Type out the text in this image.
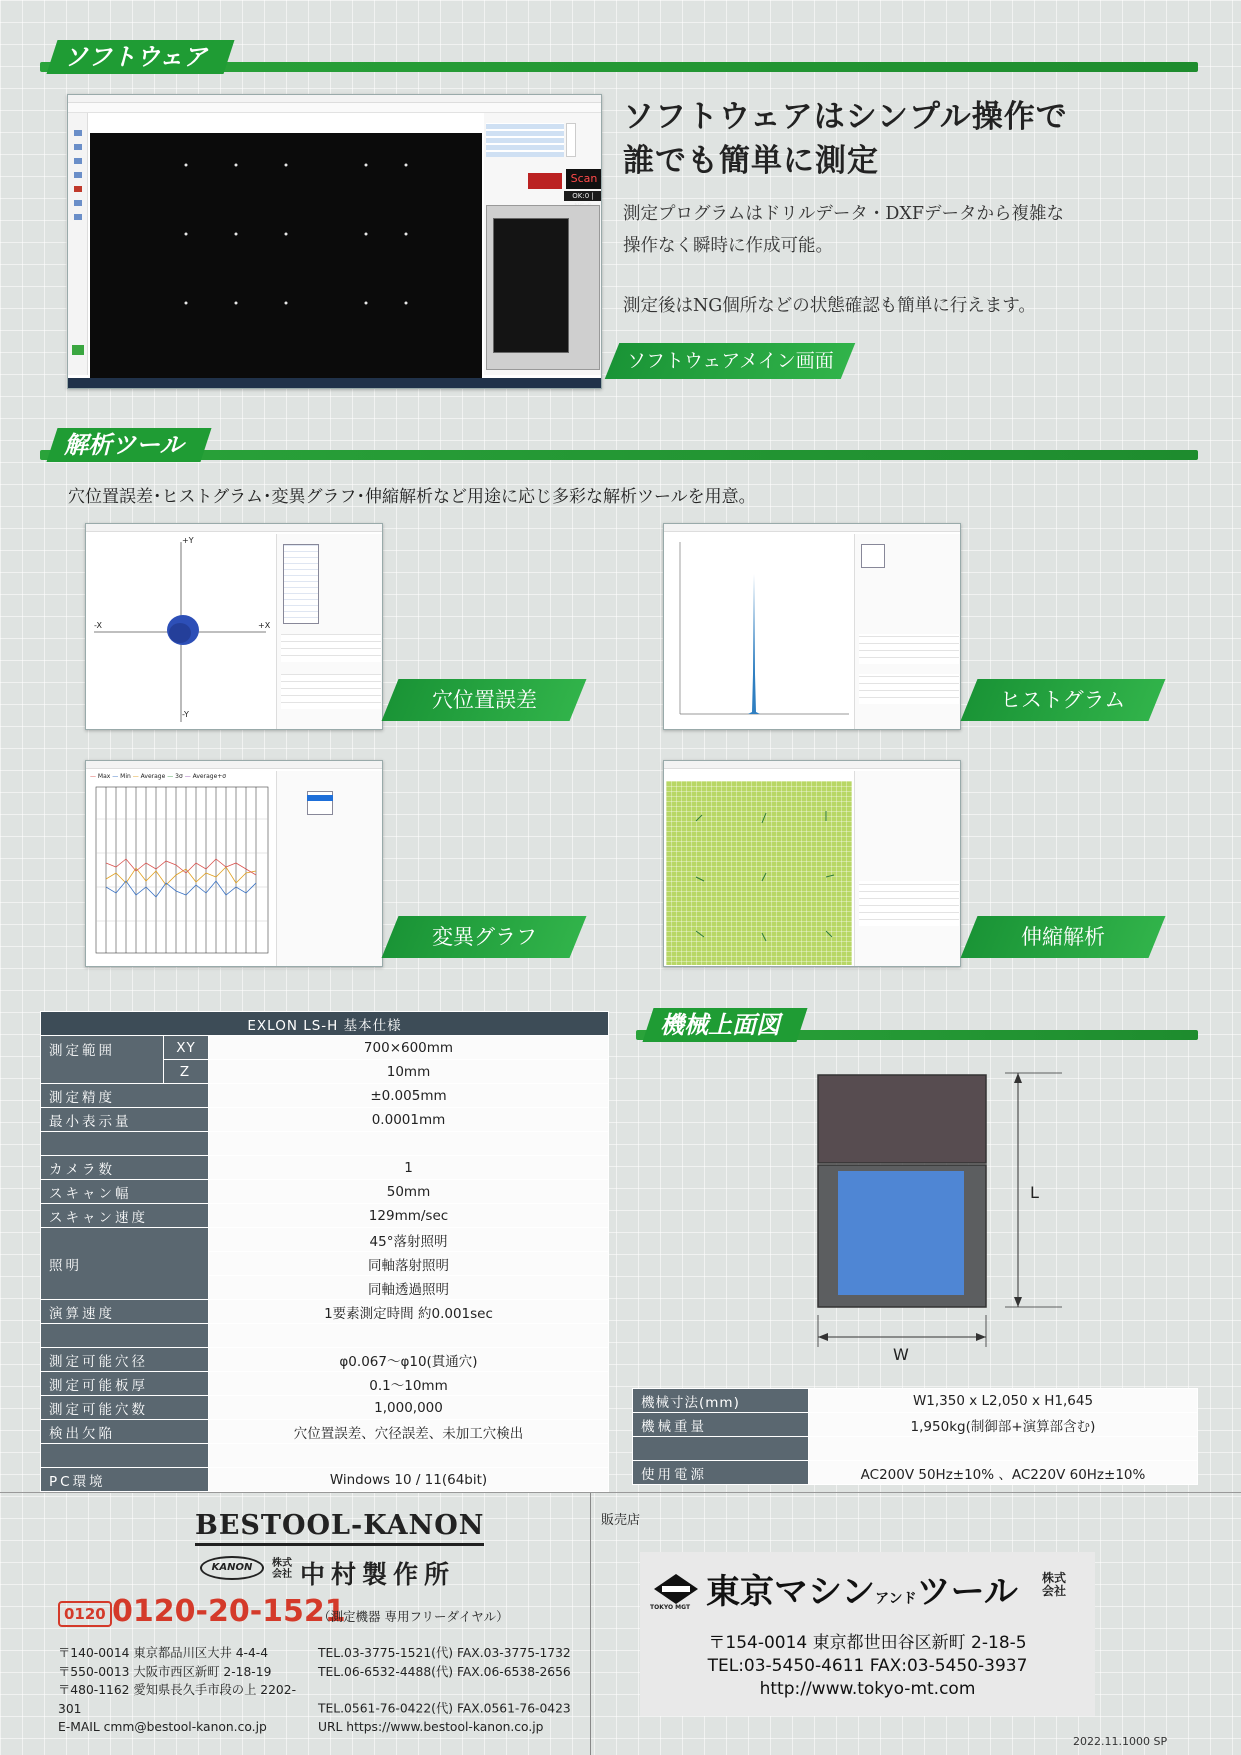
ソフトウェア
Scan
OK:0 |
ソフトウェアはシンプル操作で
誰でも簡単に測定
測定プログラムはドリルデータ・DXFデータから複雑な
操作なく瞬時に作成可能。
測定後はNG個所などの状態確認も簡単に行えます。
ソフトウェアメイン画面
解析ツール
穴位置誤差･ヒストグラム･変異グラフ･伸縮解析など用途に応じ多彩な解析ツールを用意。
+Y
-X	+X
-Y
穴位置誤差	ヒストグラム
— Max — Min — Average — 3σ — Average+σ
変異グラフ	伸縮解析
EXLON LS-H 基本仕様		
測定範囲	XY	700×600mm
	Z	10mm
測定精度		±0.005mm
最小表示量		0.0001mm

カメラ数		1
スキャン幅		50mm
スキャン速度		129mm/sec
照明		45°落射照明
		同軸落射照明
		同軸透過照明
演算速度		1要素測定時間 約0.001sec

測定可能穴径		φ0.067～φ10(貫通穴)
測定可能板厚		0.1～10mm
測定可能穴数		1,000,000
検出欠陥		穴位置誤差、穴径誤差、未加工穴検出

PC環境		Windows 10 / 11(64bit)
機械上面図
L
W
機械寸法(mm)	W1,350 x L2,050 x H1,645
機械重量	1,950kg(制御部+演算部含む)

使用電源	AC200V 50Hz±10% 、AC220V 60Hz±10%
BESTOOL-KANON
KANON	株式
会社 中村製作所
0120 0120-20-1521
（測定機器 専用フリーダイヤル）
〒140-0014 東京都品川区大井 4-4-4	TEL.03-3775-1521(代) FAX.03-3775-1732
〒550-0013 大阪市西区新町 2-18-19	TEL.06-6532-4488(代) FAX.06-6538-2656
〒480-1162 愛知県長久手市段の上 2202-301	TEL.0561-76-0422(代) FAX.0561-76-0423
E-MAIL cmm@bestool-kanon.co.jp	URL https://www.bestool-kanon.co.jp
販売店
TOKYO MGT 東京マシンアンドツール 株式
会社
〒154-0014 東京都世田谷区新町 2-18-5
TEL:03-5450-4611 FAX:03-5450-3937
http://www.tokyo-mt.com
2022.11.1000 SP
